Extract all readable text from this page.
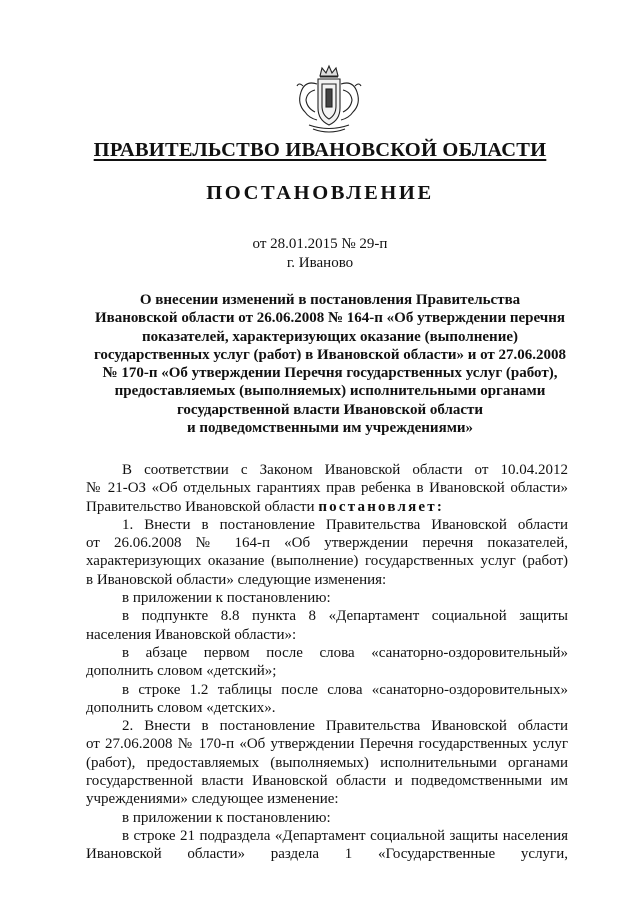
ПРАВИТЕЛЬСТВО ИВАНОВСКОЙ ОБЛАСТИ
ПОСТАНОВЛЕНИЕ
от 28.01.2015 № 29-п
г. Иваново
О внесении изменений в постановления Правительства
Ивановской области от 26.06.2008 № 164-п «Об утверждении перечня
показателей, характеризующих оказание (выполнение)
государственных услуг (работ) в Ивановской области» и от 27.06.2008
№ 170-п «Об утверждении Перечня государственных услуг (работ),
предоставляемых (выполняемых) исполнительными органами
государственной власти Ивановской области
и подведомственными им учреждениями»
В соответствии с Законом Ивановской области от 10.04.2012
№ 21-ОЗ «Об отдельных гарантиях прав ребенка в Ивановской области»
Правительство Ивановской области постановляет:
1. Внести в постановление Правительства Ивановской области
от 26.06.2008 № 164-п «Об утверждении перечня показателей,
характеризующих оказание (выполнение) государственных услуг (работ)
в Ивановской области» следующие изменения:
в приложении к постановлению:
в подпункте 8.8 пункта 8 «Департамент социальной защиты
населения Ивановской области»:
в абзаце первом после слова «санаторно-оздоровительный»
дополнить словом «детский»;
в строке 1.2 таблицы после слова «санаторно-оздоровительных»
дополнить словом «детских».
2. Внести в постановление Правительства Ивановской области
от 27.06.2008 № 170-п «Об утверждении Перечня государственных услуг
(работ), предоставляемых (выполняемых) исполнительными органами
государственной власти Ивановской области и подведомственными им
учреждениями» следующее изменение:
в приложении к постановлению:
в строке 21 подраздела «Департамент социальной защиты населения
Ивановской области» раздела 1 «Государственные услуги,
